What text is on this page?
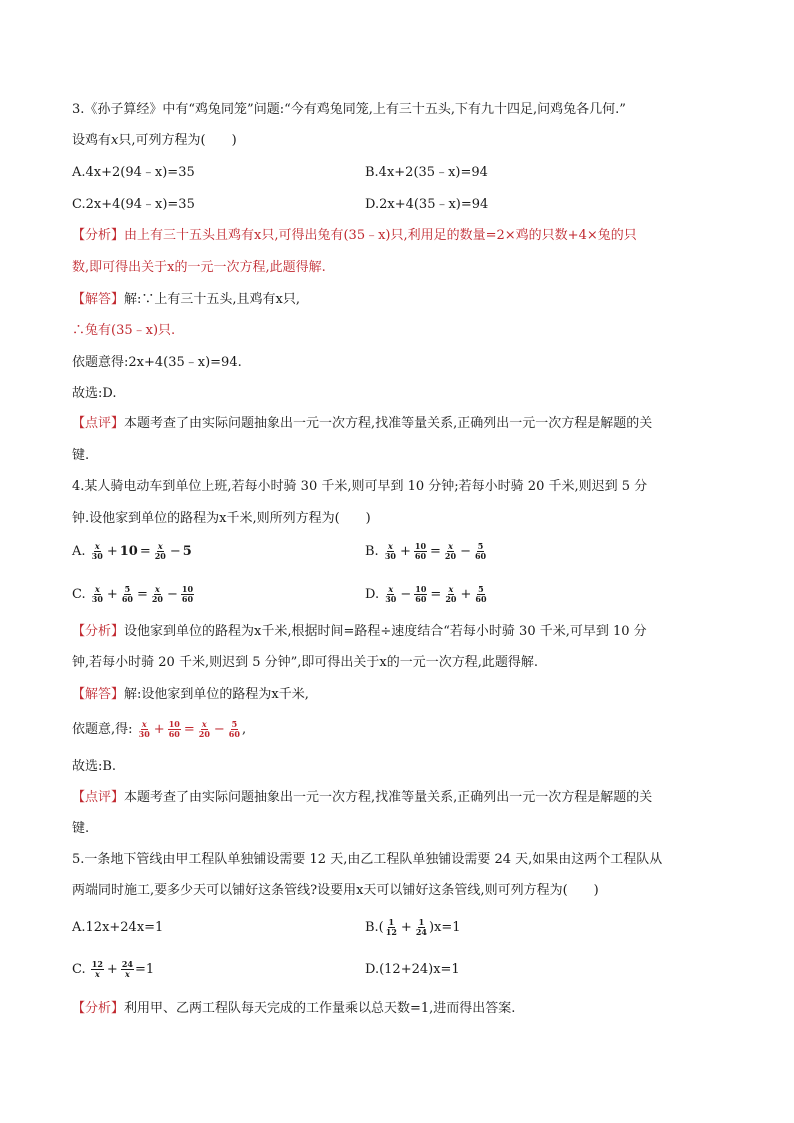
3.《孙子算经》中有“鸡兔同笼”问题:“今有鸡兔同笼,上有三十五头,下有九十四足,问鸡兔各几何.”
设鸡有x只,可列方程为(　　)
A.4x+2(94﹣x)=35	B.4x+2(35﹣x)=94
C.2x+4(94﹣x)=35	D.2x+4(35﹣x)=94
【分析】由上有三十五头且鸡有x只,可得出兔有(35﹣x)只,利用足的数量=2×鸡的只数+4×兔的只
数,即可得出关于x的一元一次方程,此题得解.
【解答】解:∵上有三十五头,且鸡有x只,
∴兔有(35﹣x)只.
依题意得:2x+4(35﹣x)=94.
故选:D.
【点评】本题考查了由实际问题抽象出一元一次方程,找准等量关系,正确列出一元一次方程是解题的关
键.
4.某人骑电动车到单位上班,若每小时骑 30 千米,则可早到 10 分钟;若每小时骑 20 千米,则迟到 5 分
钟.设他家到单位的路程为x千米,则所列方程为(　　)
A. $\frac{x}{30} + 10 = \frac{x}{20} - 5$	B. $\frac{x}{30} + \frac{10}{60} = \frac{x}{20} - \frac{5}{60}$
C. $\frac{x}{30} + \frac{5}{60} = \frac{x}{20} - \frac{10}{60}$	D. $\frac{x}{30} - \frac{10}{60} = \frac{x}{20} + \frac{5}{60}$
【分析】设他家到单位的路程为x千米,根据时间=路程÷速度结合“若每小时骑 30 千米,可早到 10 分
钟,若每小时骑 20 千米,则迟到 5 分钟”,即可得出关于x的一元一次方程,此题得解.
【解答】解:设他家到单位的路程为x千米,
依题意,得: $\frac{x}{30} + \frac{10}{60} = \frac{x}{20} - \frac{5}{60}$ ,
故选:B.
【点评】本题考查了由实际问题抽象出一元一次方程,找准等量关系,正确列出一元一次方程是解题的关
键.
5.一条地下管线由甲工程队单独铺设需要 12 天,由乙工程队单独铺设需要 24 天,如果由这两个工程队从
两端同时施工,要多少天可以铺好这条管线?设要用x天可以铺好这条管线,则可列方程为(　　)
A.12x+24x=1	$B.( \frac{1}{12} + \frac{1}{24} )x=1$
C. $\frac{12}{x} + \frac{24}{x} =1$	D.(12+24)x=1
【分析】利用甲、乙两工程队每天完成的工作量乘以总天数=1,进而得出答案.
